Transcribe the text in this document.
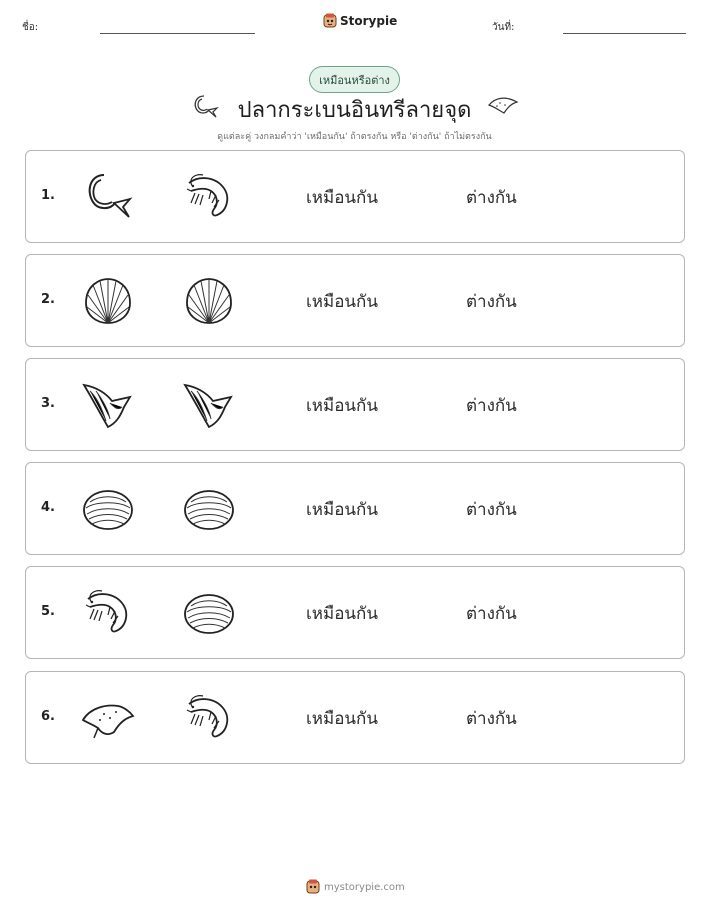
ชื่อ:	Storypie	วันที่:
เหมือนหรือต่าง
ปลากระเบนอินทรีลายจุด
ดูแต่ละคู่ วงกลมคำว่า 'เหมือนกัน' ถ้าตรงกัน หรือ 'ต่างกัน' ถ้าไม่ตรงกัน
1.	เหมือนกัน	ต่างกัน
2.	เหมือนกัน	ต่างกัน
3.	เหมือนกัน	ต่างกัน
4.	เหมือนกัน	ต่างกัน
5.	เหมือนกัน	ต่างกัน
6.	เหมือนกัน	ต่างกัน
mystorypie.com
